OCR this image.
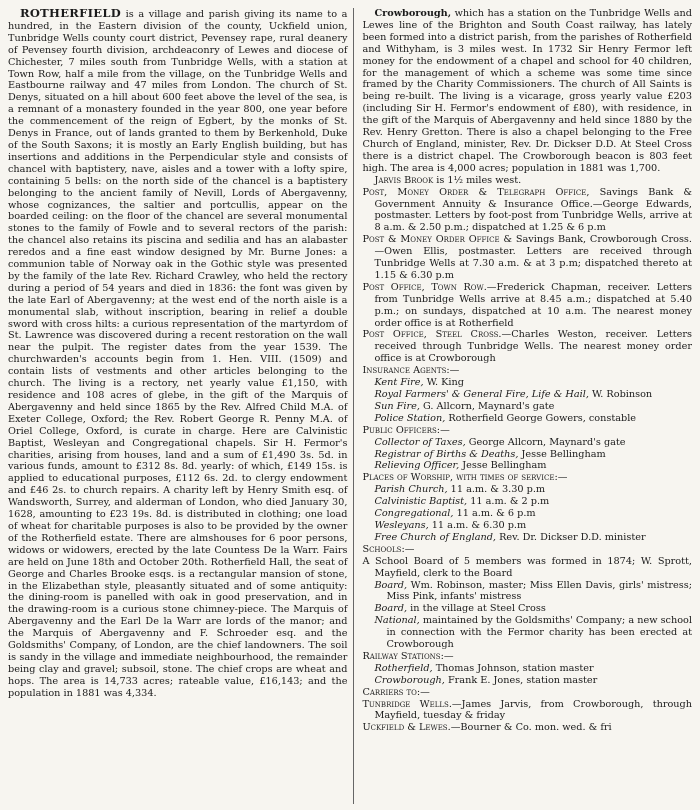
ROTHERFIELD is a village and parish giving its name to a hundred, in the Eastern division of the county, Uckfield union, Tunbridge Wells county court district, Pevensey rape, rural deanery of Pevensey fourth division, archdeaconry of Lewes and diocese of Chichester, 7 miles south from Tunbridge Wells, with a station at Town Row, half a mile from the village, on the Tunbridge Wells and Eastbourne railway and 47 miles from London. The church of St. Denys, situated on a hill about 600 feet above the level of the sea, is a remnant of a monastery founded in the year 800, one year before the commencement of the reign of Egbert, by the monks of St. Denys in France, out of lands granted to them by Berkenhold, Duke of the South Saxons; it is mostly an Early English building, but has insertions and additions in the Perpendicular style and consists of chancel with baptistery, nave, aisles and a tower with a lofty spire, containing 5 bells: on the north side of the chancel is a baptistery belonging to the ancient family of Nevill, Lords of Abergavenny, whose cognizances, the saltier and portcullis, appear on the boarded ceiling: on the floor of the chancel are several monumental stones to the family of Fowle and to several rectors of the parish: the chancel also retains its piscina and sedilia and has an alabaster reredos and a fine east window designed by Mr. Burne Jones: a communion table of Norway oak in the Gothic style was presented by the family of the late Rev. Richard Crawley, who held the rectory during a period of 54 years and died in 1836: the font was given by the late Earl of Abergavenny; at the west end of the north aisle is a monumental slab, without inscription, bearing in relief a double sword with cross hilts: a curious representation of the martyrdom of St. Lawrence was discovered during a recent restoration on the wall near the pulpit. The register dates from the year 1539. The churchwarden's accounts begin from 1. Hen. VIII. (1509) and contain lists of vestments and other articles belonging to the church. The living is a rectory, net yearly value £1,150, with residence and 108 acres of glebe, in the gift of the Marquis of Abergavenny and held since 1865 by the Rev. Alfred Child M.A. of Exeter College, Oxford; the Rev. Robert George R. Penny M.A. of Oriel College, Oxford, is curate in charge. Here are Calvinistic Baptist, Wesleyan and Congregational chapels. Sir H. Fermor's charities, arising from houses, land and a sum of £1,490 3s. 5d. in various funds, amount to £312 8s. 8d. yearly: of which, £149 15s. is applied to educational purposes, £112 6s. 2d. to clergy endowment and £46 2s. to church repairs. A charity left by Henry Smith esq. of Wandsworth, Surrey, and alderman of London, who died January 30, 1628, amounting to £23 19s. 8d. is distributed in clothing; one load of wheat for charitable purposes is also to be provided by the owner of the Rotherfield estate. There are almshouses for 6 poor persons, widows or widowers, erected by the late Countess De la Warr. Fairs are held on June 18th and October 20th. Rotherfield Hall, the seat of George and Charles Brooke esqs. is a rectangular mansion of stone, in the Elizabethan style, pleasantly situated and of some antiquity: the dining-room is panelled with oak in good preservation, and in the drawing-room is a curious stone chimney-piece. The Marquis of Abergavenny and the Earl De la Warr are lords of the manor; and the Marquis of Abergavenny and F. Schroeder esq. and the Goldsmiths' Company, of London, are the chief landowners. The soil is sandy in the village and immediate neighbourhood, the remainder being clay and gravel; subsoil, stone. The chief crops are wheat and hops. The area is 14,733 acres; rateable value, £16,143; and the population in 1881 was 4,334.

Crowborough, which has a station on the Tunbridge Wells and Lewes line of the Brighton and South Coast railway, has lately been formed into a district parish, from the parishes of Rotherfield and Withyham, is 3 miles west. In 1732 Sir Henry Fermor left money for the endowment of a chapel and school for 40 children, for the management of which a scheme was some time since framed by the Charity Commissioners. The church of All Saints is being re-built. The living is a vicarage, gross yearly value £203 (including Sir H. Fermor's endowment of £80), with residence, in the gift of the Marquis of Abergavenny and held since 1880 by the Rev. Henry Gretton. There is also a chapel belonging to the Free Church of England, minister, Rev. Dr. Dickser D.D. At Steel Cross there is a district chapel. The Crowborough beacon is 803 feet high. The area is 4,000 acres; population in 1881 was 1,700.

Jarvis Brook is 1½ miles west.

Post, Money Order & Telegraph Office, Savings Bank & Government Annuity & Insurance Office.—George Edwards, postmaster. Letters by foot-post from Tunbridge Wells, arrive at 8 a.m. & 2.50 p.m.; dispatched at 1.25 & 6 p.m

Post & Money Order Office & Savings Bank, Crowborough Cross.—Owen Ellis, postmaster. Letters are received through Tunbridge Wells at 7.30 a.m. & at 3 p.m; dispatched thereto at 1.15 & 6.30 p.m

Post Office, Town Row.—Frederick Chapman, receiver. Letters from Tunbridge Wells arrive at 8.45 a.m.; dispatched at 5.40 p.m.; on sundays, dispatched at 10 a.m. The nearest money order office is at Rotherfield

Post Office, Steel Cross.—Charles Weston, receiver. Letters received through Tunbridge Wells. The nearest money order office is at Crowborough

Insurance Agents:—

Kent Fire, W. King

Royal Farmers' & General Fire, Life & Hail, W. Robinson

Sun Fire, G. Allcorn, Maynard's gate

Police Station, Rotherfield George Gowers, constable

Public Officers:—

Collector of Taxes, George Allcorn, Maynard's gate

Registrar of Births & Deaths, Jesse Bellingham

Relieving Officer, Jesse Bellingham

Places of Worship, with times of service:—

Parish Church, 11 a.m. & 3.30 p.m

Calvinistic Baptist, 11 a.m. & 2 p.m

Congregational, 11 a.m. & 6 p.m

Wesleyans, 11 a.m. & 6.30 p.m

Free Church of England, Rev. Dr. Dickser D.D. minister

Schools:—

A School Board of 5 members was formed in 1874; W. Sprott, Mayfield, clerk to the Board

Board, Wm. Robinson, master; Miss Ellen Davis, girls' mistress; Miss Pink, infants' mistress

Board, in the village at Steel Cross

National, maintained by the Goldsmiths' Company; a new school in connection with the Fermor charity has been erected at Crowborough

Railway Stations:—

Rotherfield, Thomas Johnson, station master

Crowborough, Frank E. Jones, station master

Carriers to:—

Tunbridge Wells.—James Jarvis, from Crowborough, through Mayfield, tuesday & friday

Uckfield & Lewes.—Bourner & Co. mon. wed. & fri
